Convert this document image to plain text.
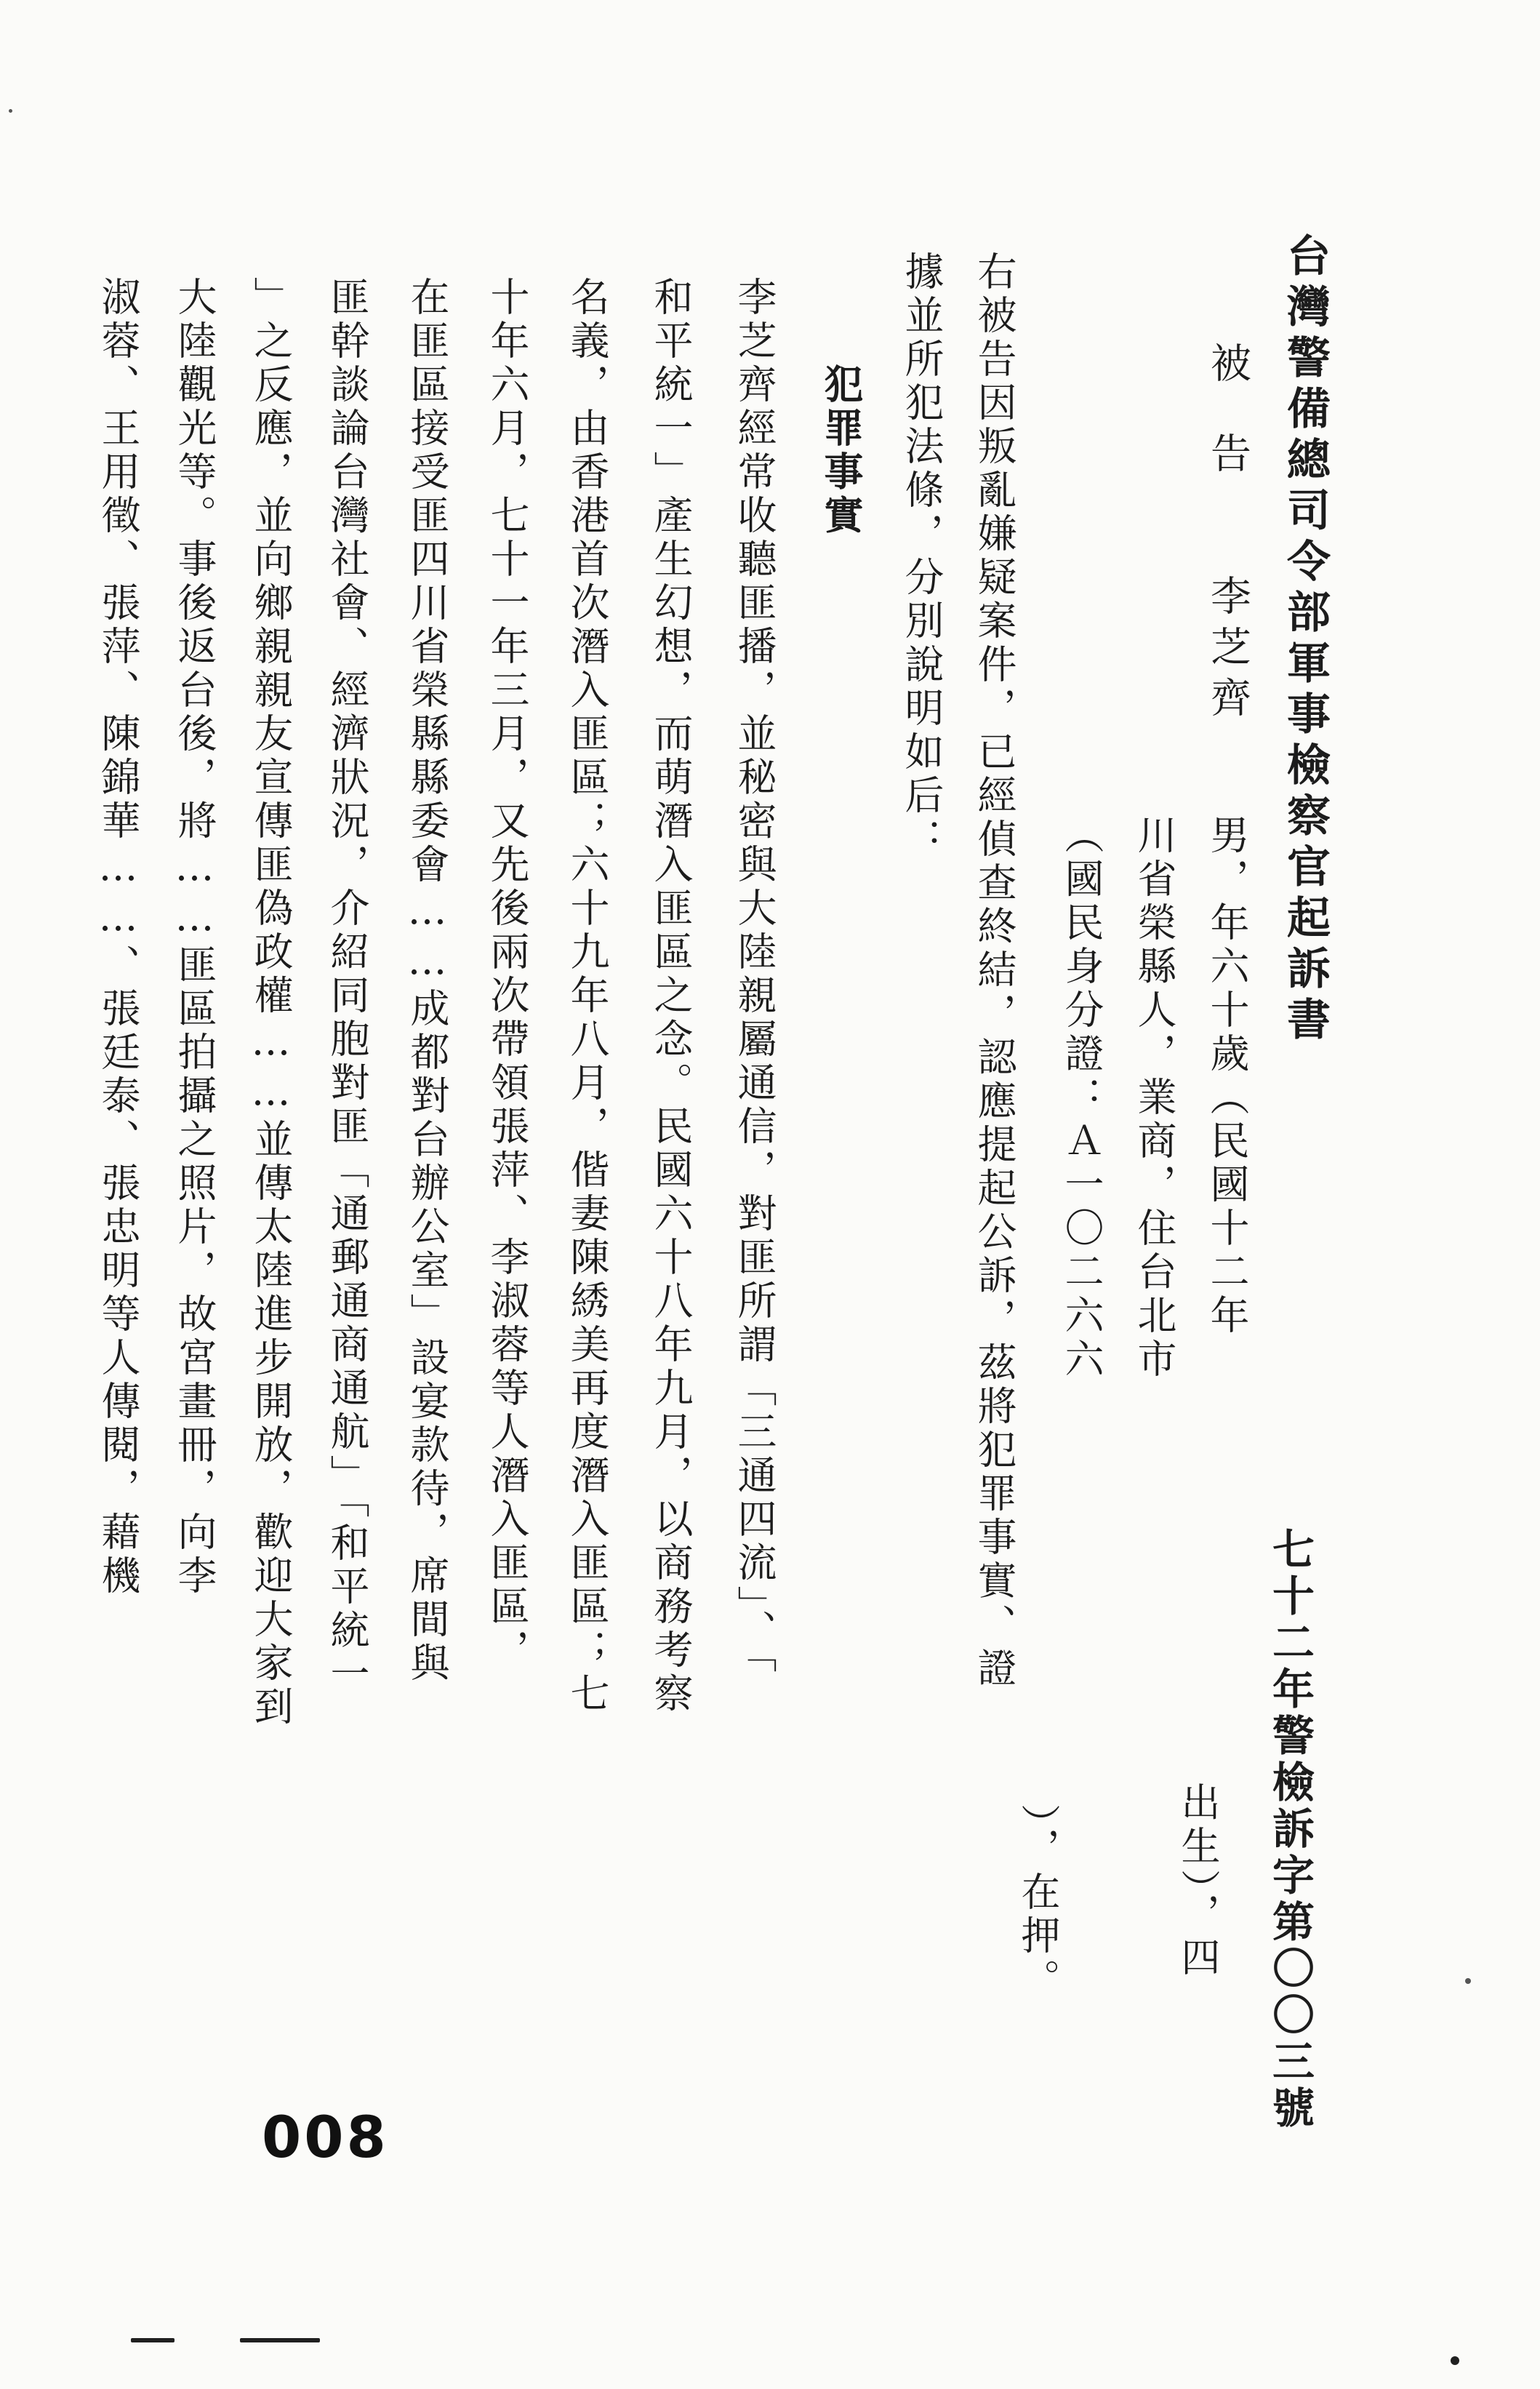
台灣警備總司令部軍事檢察官起訴書
七十二年警檢訴字第〇〇三號
被　告
李芝齊
男，年六十歲（民國十二年
川省榮縣人，業商，住台北市
（國民身分證：Ａ一〇二六六
出生），四
），在押。
右被告因叛亂嫌疑案件，已經偵查終結，認應提起公訴，茲將犯罪事實、證
據並所犯法條，分別說明如后：
犯罪事實
李芝齊經常收聽匪播，並秘密與大陸親屬通信，對匪所謂「三通四流」、「
和平統一」產生幻想，而萌潛入匪區之念。民國六十八年九月，以商務考察
名義，由香港首次潛入匪區；六十九年八月，偕妻陳綉美再度潛入匪區；七
十年六月，七十一年三月，又先後兩次帶領張萍、李淑蓉等人潛入匪區，
在匪區接受匪四川省榮縣縣委會……成都對台辦公室」設宴款待，席間與
匪幹談論台灣社會、經濟狀況，介紹同胞對匪「通郵通商通航」「和平統一
」之反應，並向鄉親親友宣傳匪偽政權……並傳太陸進步開放，歡迎大家到
大陸觀光等。事後返台後，將……匪區拍攝之照片，故宮畫冊，向李
淑蓉、王用徵、張萍、陳錦華……、張廷泰、張忠明等人傳閱，藉機
008
